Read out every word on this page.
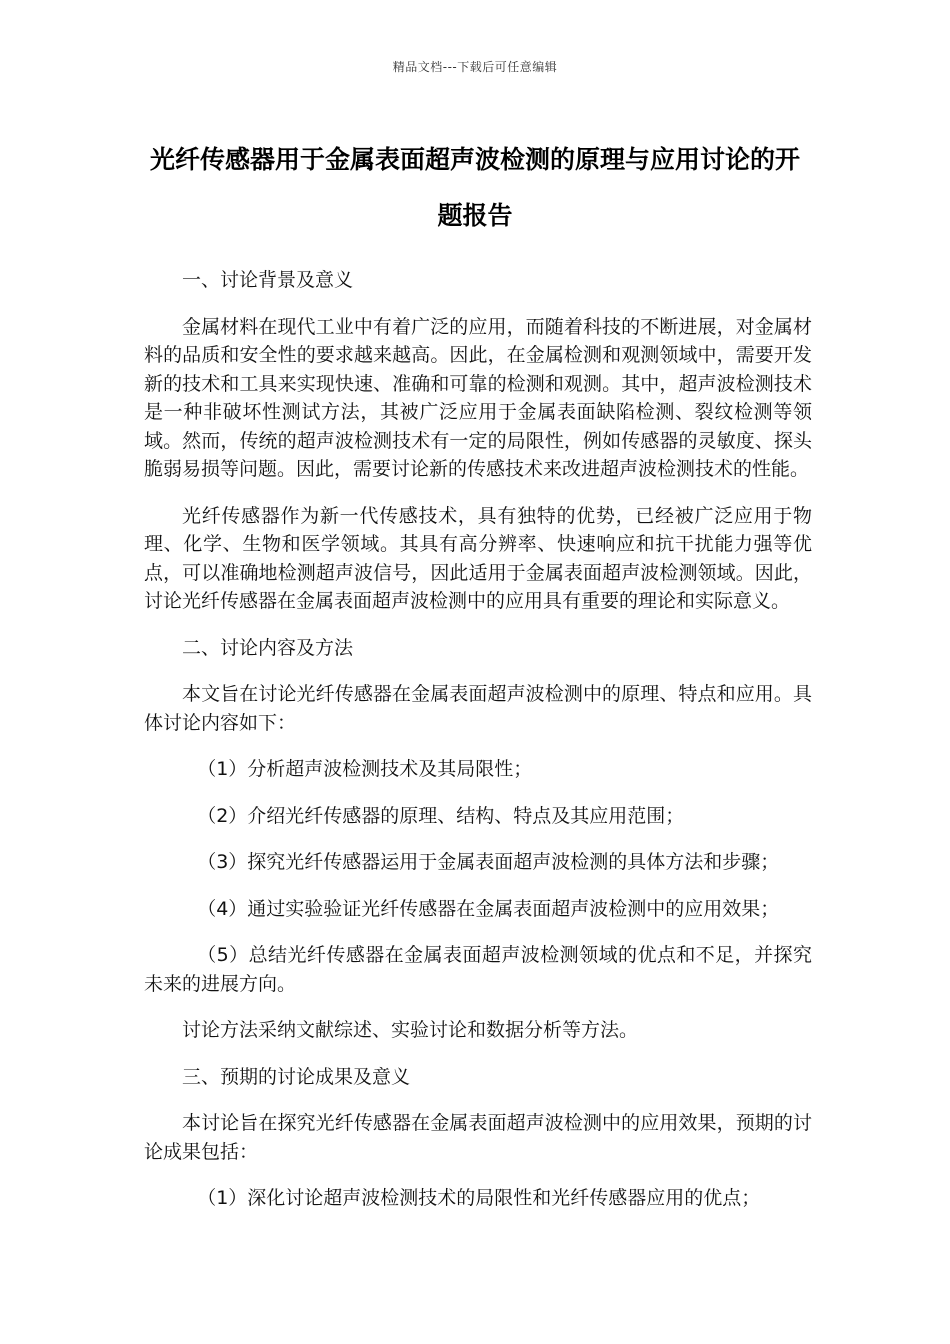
精品文档---下载后可任意编辑
光纤传感器用于金属表面超声波检测的原理与应用讨论的开题报告

一、讨论背景及意义

金属材料在现代工业中有着广泛的应用，而随着科技的不断进展，对金属材料的品质和安全性的要求越来越高。因此，在金属检测和观测领域中，需要开发新的技术和工具来实现快速、准确和可靠的检测和观测。其中，超声波检测技术是一种非破坏性测试方法，其被广泛应用于金属表面缺陷检测、裂纹检测等领域。然而，传统的超声波检测技术有一定的局限性，例如传感器的灵敏度、探头脆弱易损等问题。因此，需要讨论新的传感技术来改进超声波检测技术的性能。

光纤传感器作为新一代传感技术，具有独特的优势，已经被广泛应用于物理、化学、生物和医学领域。其具有高分辨率、快速响应和抗干扰能力强等优点，可以准确地检测超声波信号，因此适用于金属表面超声波检测领域。因此，讨论光纤传感器在金属表面超声波检测中的应用具有重要的理论和实际意义。

二、讨论内容及方法

本文旨在讨论光纤传感器在金属表面超声波检测中的原理、特点和应用。具体讨论内容如下：

（1）分析超声波检测技术及其局限性；

（2）介绍光纤传感器的原理、结构、特点及其应用范围；

（3）探究光纤传感器运用于金属表面超声波检测的具体方法和步骤；

（4）通过实验验证光纤传感器在金属表面超声波检测中的应用效果；

（5）总结光纤传感器在金属表面超声波检测领域的优点和不足，并探究未来的进展方向。

讨论方法采纳文献综述、实验讨论和数据分析等方法。

三、预期的讨论成果及意义

本讨论旨在探究光纤传感器在金属表面超声波检测中的应用效果，预期的讨论成果包括：

（1）深化讨论超声波检测技术的局限性和光纤传感器应用的优点；
